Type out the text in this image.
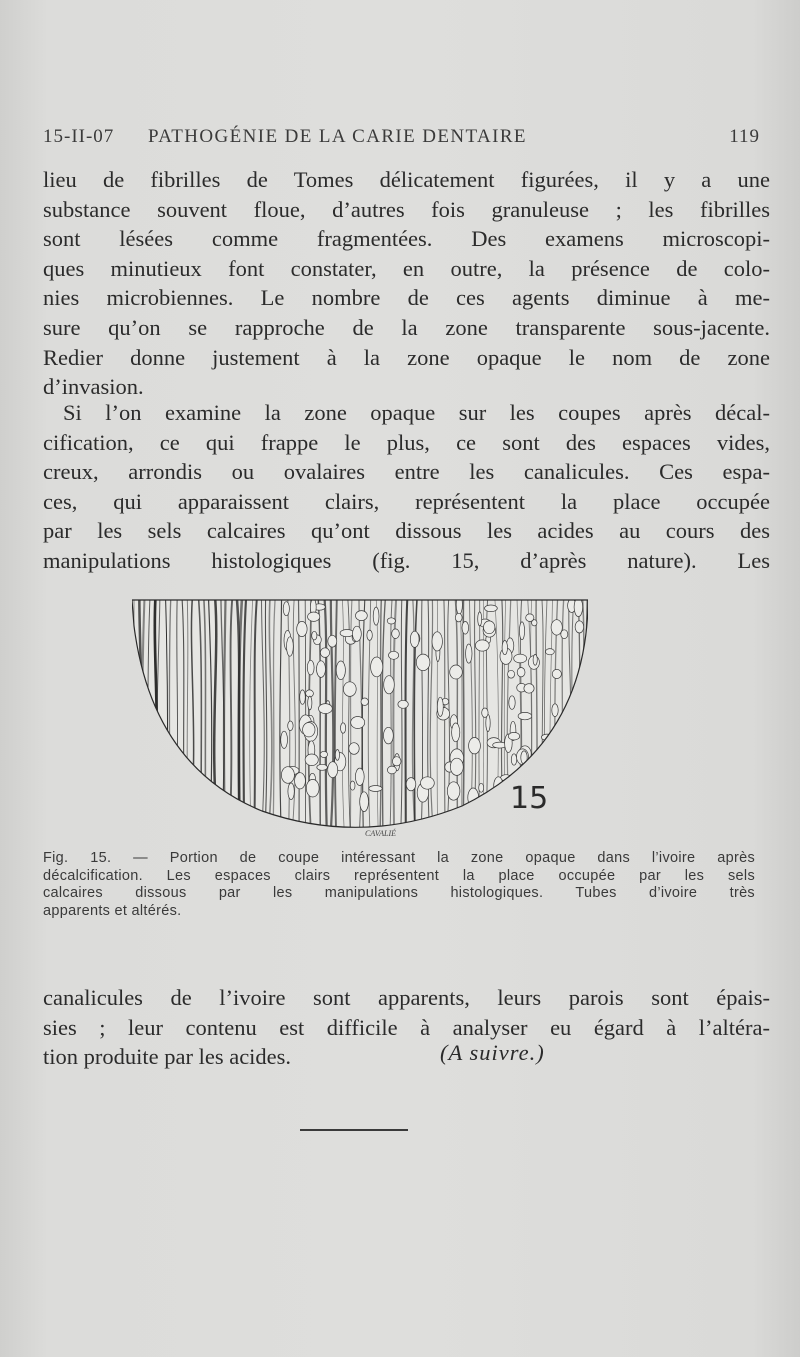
15-II-07 PATHOGÉNIE DE LA CARIE DENTAIRE	119
lieu de fibrilles de Tomes délicatement figurées, il y a une
substance souvent floue, d’autres fois granuleuse ; les fibrilles
sont lésées comme fragmentées. Des examens microscopi-
ques minutieux font constater, en outre, la présence de colo-
nies microbiennes. Le nombre de ces agents diminue à me-
sure qu’on se rapproche de la zone transparente sous-jacente.
Redier donne justement à la zone opaque le nom de zone
d’invasion.
Si l’on examine la zone opaque sur les coupes après décal-
cification, ce qui frappe le plus, ce sont des espaces vides,
creux, arrondis ou ovalaires entre les canalicules. Ces espa-
ces, qui apparaissent clairs, représentent la place occupée
par les sels calcaires qu’ont dissous les acides au cours des
manipulations histologiques (fig. 15, d’après nature). Les
15
CAVALIÉ
Fig. 15. — Portion de coupe intéressant la zone opaque dans l’ivoire après
décalcification. Les espaces clairs représentent la place occupée par les sels
calcaires dissous par les manipulations histologiques. Tubes d’ivoire très
apparents et altérés.
canalicules de l’ivoire sont apparents, leurs parois sont épais-
sies ; leur contenu est difficile à analyser eu égard à l’altéra-
tion produite par les acides.	(A suivre.)
